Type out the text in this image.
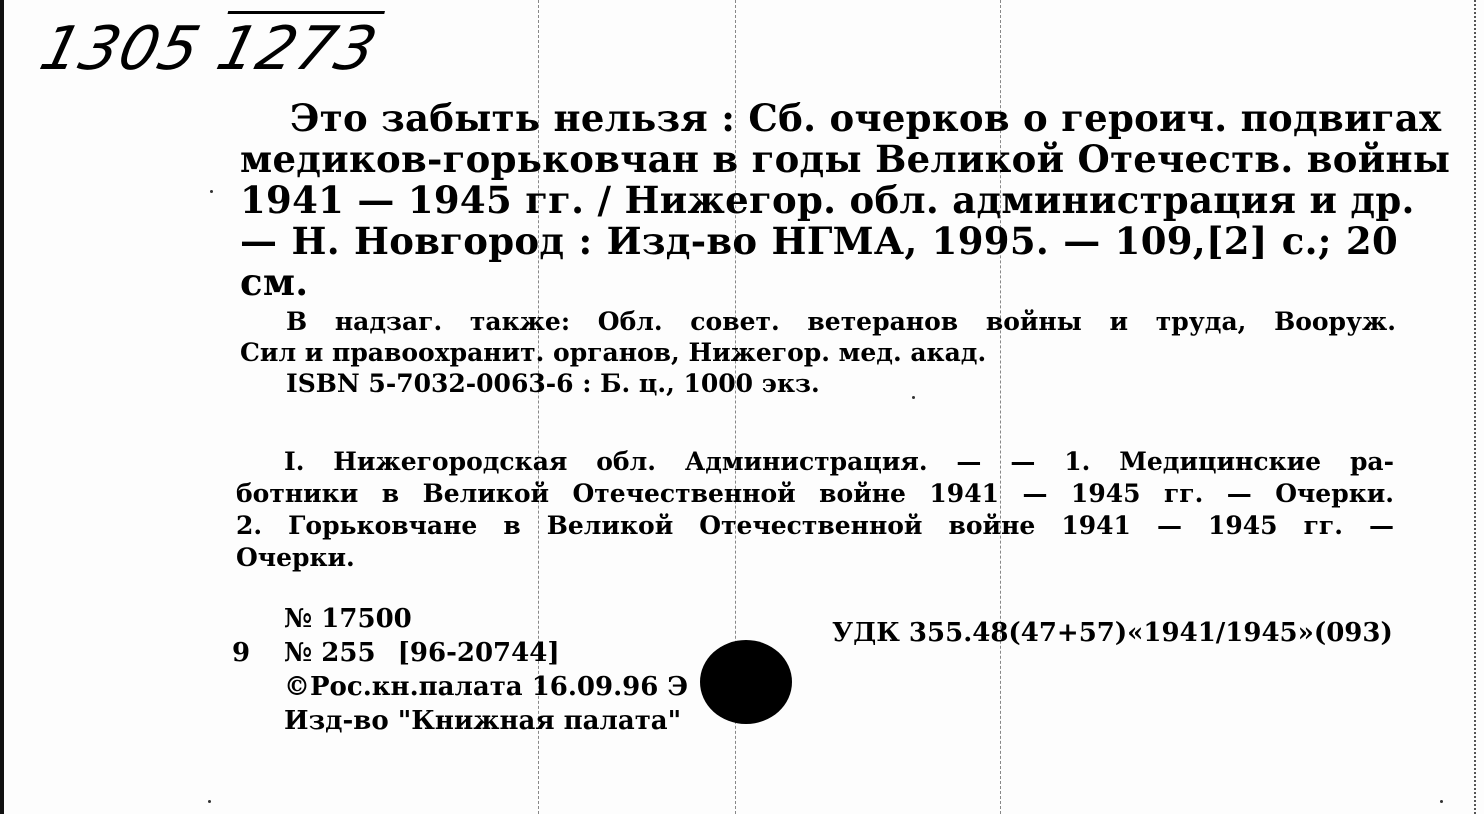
1305 1273
Это забыть нельзя : Сб. очерков о героич. подвигах
медиков-горьковчан в годы Великой Отечеств. войны
1941 — 1945 гг. / Нижегор. обл. администрация и др.
— Н. Новгород : Изд-во НГМА, 1995. — 109,[2] с.; 20
см.
В надзаг. также: Обл. совет. ветеранов войны и труда, Вооруж.
Сил и правоохранит. органов, Нижегор. мед. акад.
ISBN 5-7032-0063-6 : Б. ц., 1000 экз.
I. Нижегородская обл. Администрация. — — 1. Медицинские ра-
ботники в Великой Отечественной войне 1941 — 1945 гг. — Очерки.
2. Горьковчане в Великой Отечественной войне 1941 — 1945 гг. —
Очерки.
№ 17500
9 № 255 [96-20744]
©Рос.кн.палата 16.09.96 Э
Изд-во "Книжная палата"
УДК 355.48(47+57)«1941/1945»(093)
